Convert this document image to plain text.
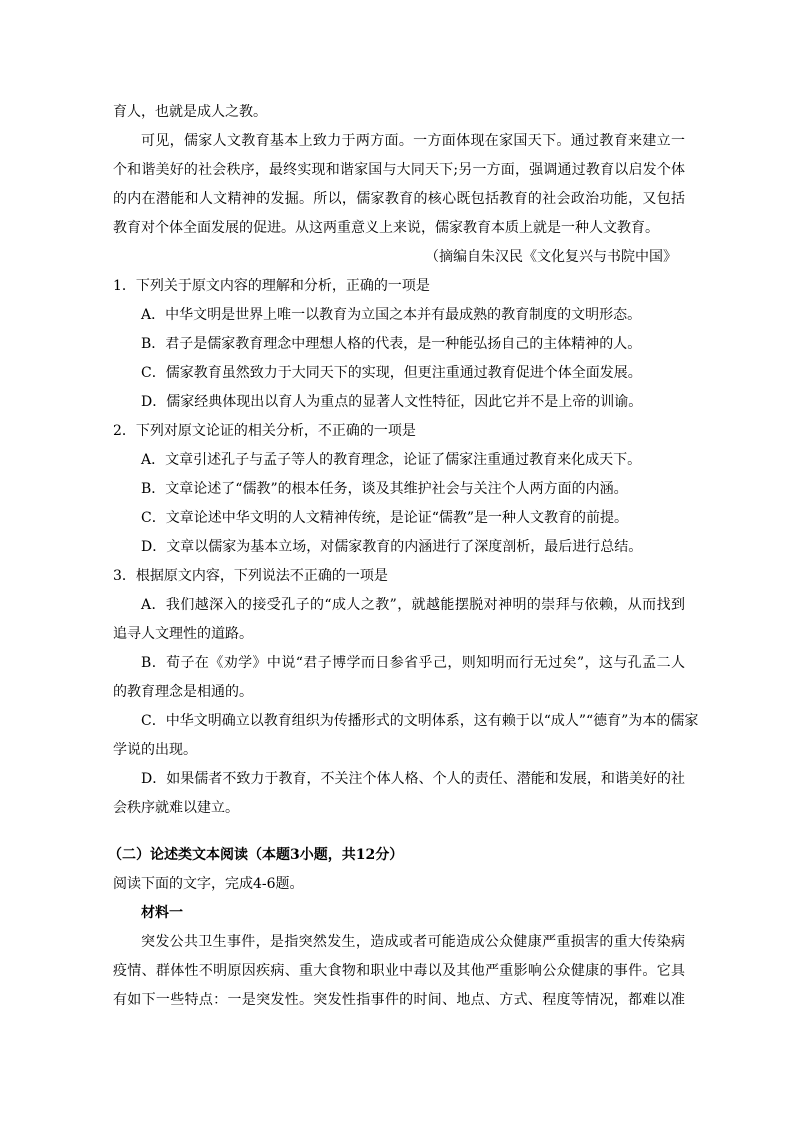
育人，也就是成人之教。
可见，儒家人文教育基本上致力于两方面。一方面体现在家国天下。通过教育来建立一
个和谐美好的社会秩序，最终实现和谐家国与大同天下;另一方面，强调通过教育以启发个体
的内在潜能和人文精神的发掘。所以，儒家教育的核心既包括教育的社会政治功能，又包括
教育对个体全面发展的促进。从这两重意义上来说，儒家教育本质上就是一种人文教育。
（摘编自朱汉民《文化复兴与书院中国》
1．下列关于原文内容的理解和分析，正确的一项是
A．中华文明是世界上唯一以教育为立国之本并有最成熟的教育制度的文明形态。
B．君子是儒家教育理念中理想人格的代表，是一种能弘扬自己的主体精神的人。
C．儒家教育虽然致力于大同天下的实现，但更注重通过教育促进个体全面发展。
D．儒家经典体现出以育人为重点的显著人文性特征，因此它并不是上帝的训谕。
2．下列对原文论证的相关分析，不正确的一项是
A．文章引述孔子与孟子等人的教育理念，论证了儒家注重通过教育来化成天下。
B．文章论述了“儒教”的根本任务，谈及其维护社会与关注个人两方面的内涵。
C．文章论述中华文明的人文精神传统，是论证“儒教”是一种人文教育的前提。
D．文章以儒家为基本立场，对儒家教育的内涵进行了深度剖析，最后进行总结。
3．根据原文内容，下列说法不正确的一项是
A．我们越深入的接受孔子的“成人之教”，就越能摆脱对神明的崇拜与依赖，从而找到
追寻人文理性的道路。
B．荀子在《劝学》中说“君子博学而日参省乎己，则知明而行无过矣”，这与孔孟二人
的教育理念是相通的。
C．中华文明确立以教育组织为传播形式的文明体系，这有赖于以“成人”“德育”为本的儒家
学说的出现。
D．如果儒者不致力于教育，不关注个体人格、个人的责任、潜能和发展，和谐美好的社
会秩序就难以建立。
（二）论述类文本阅读（本题3小题，共12分）
阅读下面的文字，完成4-6题。
材料一
突发公共卫生事件，是指突然发生，造成或者可能造成公众健康严重损害的重大传染病
疫情、群体性不明原因疾病、重大食物和职业中毒以及其他严重影响公众健康的事件。它具
有如下一些特点：一是突发性。突发性指事件的时间、地点、方式、程度等情况，都难以准
